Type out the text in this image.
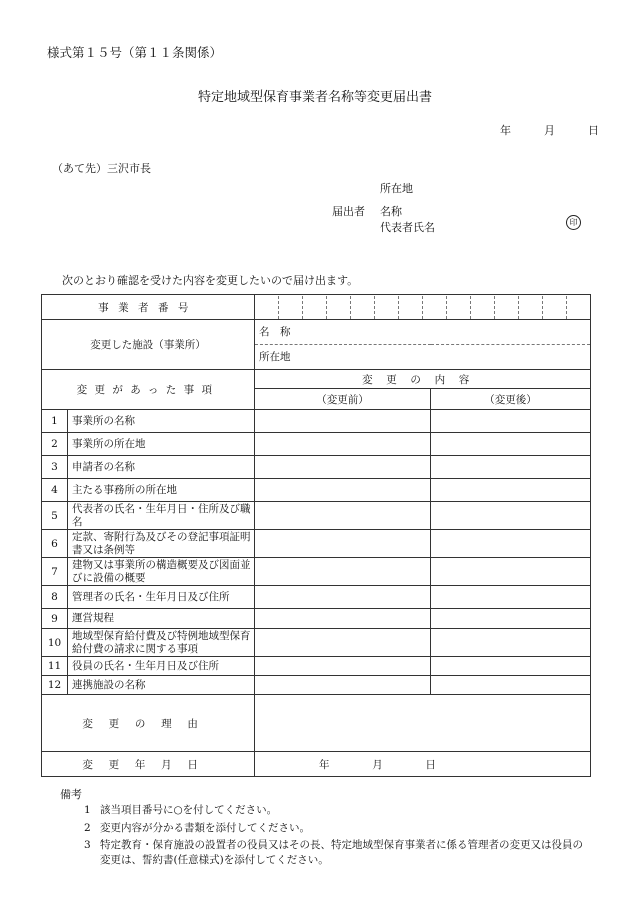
様式第１５号（第１１条関係）
特定地域型保育事業者名称等変更届出書
年	月	日
（あて先）三沢市長
届出者
所在地
名称
代表者氏名	印
次のとおり確認を受けた内容を変更したいので届け出ます。
事業者番号			

変更した施設（事業所）		名　称	
		所在地	
変更があった事項		変更の内容	
		（変更前）	（変更後）
1	事業所の名称		
2	事業所の所在地		
3	申請者の名称		
4	主たる事務所の所在地		
5	代表者の氏名・生年月日・住所及び職名		
6	定款、寄附行為及びその登記事項証明書又は条例等		
7	建物又は事業所の構造概要及び図面並びに設備の概要		
8	管理者の氏名・生年月日及び住所		
9	運営規程		
10	地域型保育給付費及び特例地域型保育給付費の請求に関する事項		
11	役員の氏名・生年月日及び住所		
12	連携施設の名称		
変更の理由			
変更年月日		年 月 日	
備考
1 該当項目番号に○を付してください。
2 変更内容が分かる書類を添付してください。
3 特定教育・保育施設の設置者の役員又はその長、特定地域型保育事業者に係る管理者の変更又は役員の変更は、誓約書(任意様式)を添付してください。
